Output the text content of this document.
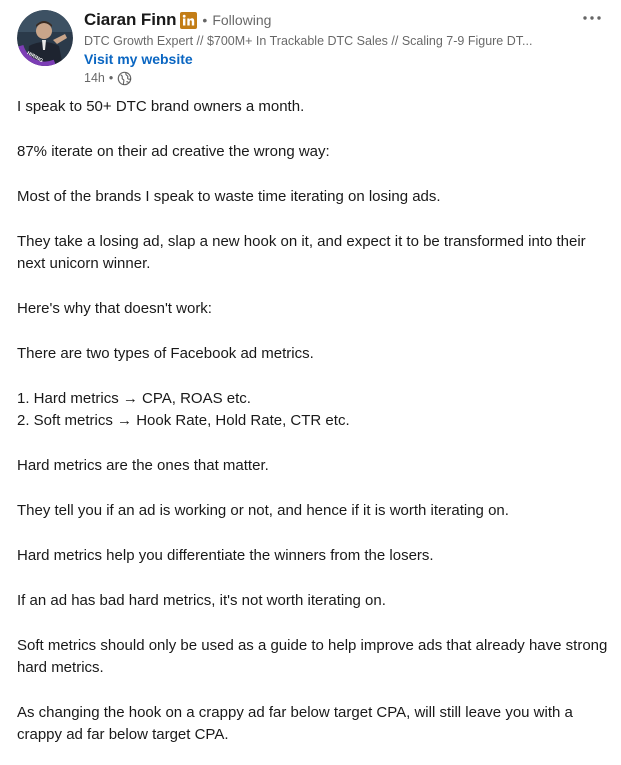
HIRING
Ciaran Finn • Following
DTC Growth Expert // $700M+ In Trackable DTC Sales // Scaling 7-9 Figure DT...
Visit my website
14h •

I speak to 50+ DTC brand owners a month.

87% iterate on their ad creative the wrong way:

Most of the brands I speak to waste time iterating on losing ads.

They take a losing ad, slap a new hook on it, and expect it to be transformed into their next unicorn winner.

Here's why that doesn't work:

There are two types of Facebook ad metrics.

1. Hard metrics → CPA, ROAS etc.
2. Soft metrics → Hook Rate, Hold Rate, CTR etc.

Hard metrics are the ones that matter.

They tell you if an ad is working or not, and hence if it is worth iterating on.

Hard metrics help you differentiate the winners from the losers.

If an ad has bad hard metrics, it's not worth iterating on.

Soft metrics should only be used as a guide to help improve ads that already have strong hard metrics.

As changing the hook on a crappy ad far below target CPA, will still leave you with a crappy ad far below target CPA.
